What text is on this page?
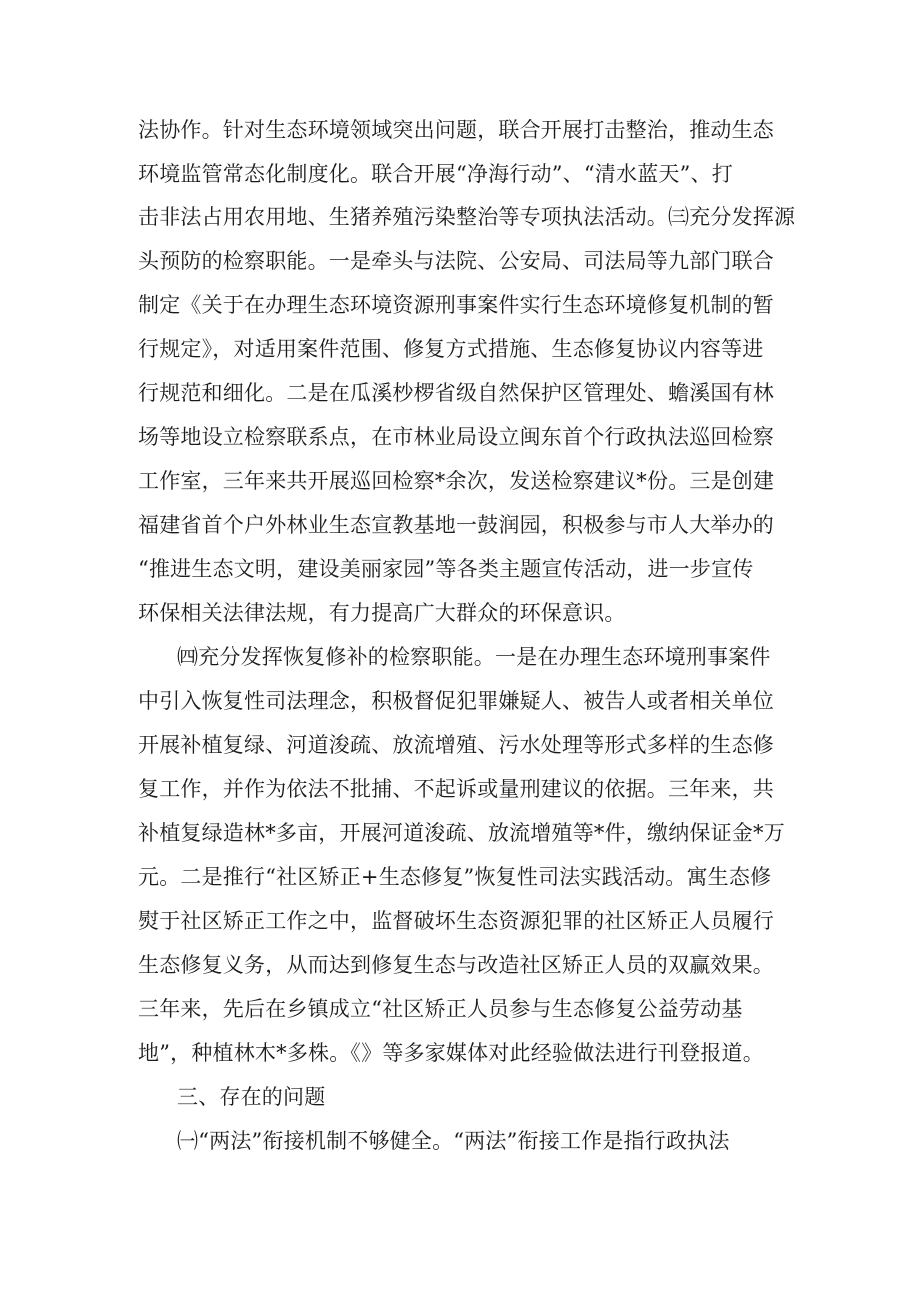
法协作。针对生态环境领域突出问题，联合开展打击整治，推动生态
环境监管常态化制度化。联合开展“净海行动”、“清水蓝天”、打
击非法占用农用地、生猪养殖污染整治等专项执法活动。㈢充分发挥源
头预防的检察职能。一是牵头与法院、公安局、司法局等九部门联合
制定《关于在办理生态环境资源刑事案件实行生态环境修复机制的暂
行规定》，对适用案件范围、修复方式措施、生态修复协议内容等进
行规范和细化。二是在瓜溪杪椤省级自然保护区管理处、蟾溪国有林
场等地设立检察联系点，在市林业局设立闽东首个行政执法巡回检察
工作室，三年来共开展巡回检察*余次，发送检察建议*份。三是创建
福建省首个户外林业生态宣教基地一鼓润园，积极参与市人大举办的
“推进生态文明，建设美丽家园”等各类主题宣传活动，进一步宣传
环保相关法律法规，有力提高广大群众的环保意识。
㈣充分发挥恢复修补的检察职能。一是在办理生态环境刑事案件
中引入恢复性司法理念，积极督促犯罪嫌疑人、被告人或者相关单位
开展补植复绿、河道浚疏、放流增殖、污水处理等形式多样的生态修
复工作，并作为依法不批捕、不起诉或量刑建议的依据。三年来，共
补植复绿造林*多亩，开展河道浚疏、放流增殖等*件，缴纳保证金*万
元。二是推行“社区矫正+生态修复”恢复性司法实践活动。寓生态修
熨于社区矫正工作之中，监督破坏生态资源犯罪的社区矫正人员履行
生态修复义务，从而达到修复生态与改造社区矫正人员的双赢效果。
三年来，先后在乡镇成立“社区矫正人员参与生态修复公益劳动基
地”，种植林木*多株。《》等多家媒体对此经验做法进行刊登报道。
三、存在的问题
㈠“两法”衔接机制不够健全。“两法”衔接工作是指行政执法
